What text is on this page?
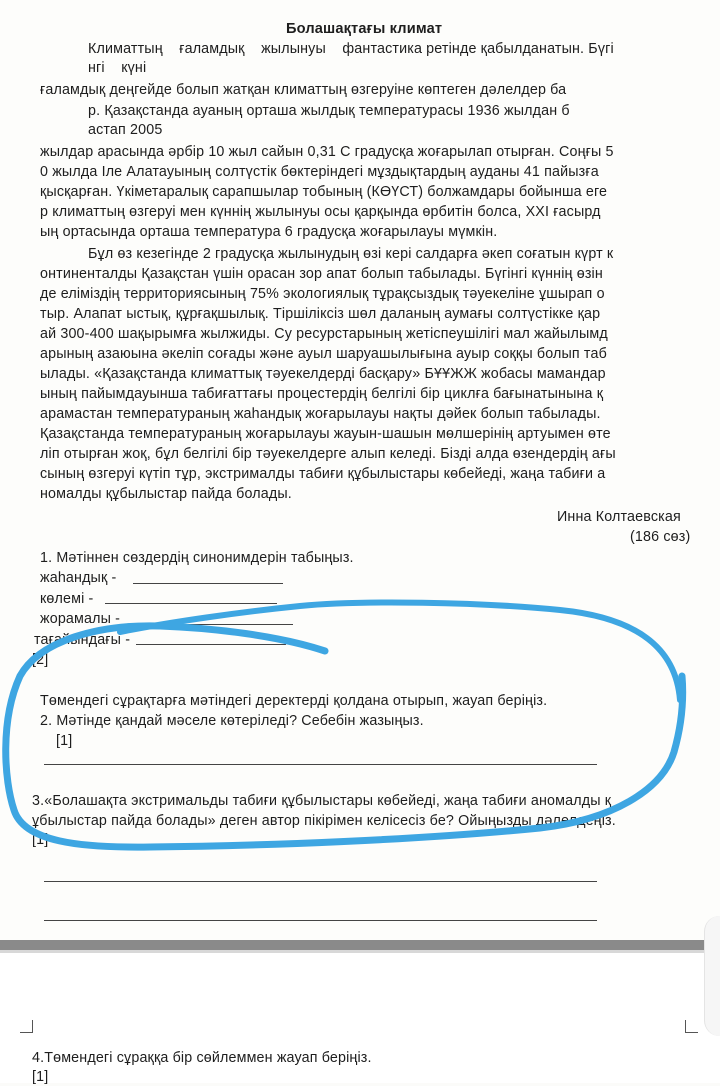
Болашақтағы климат
Климаттың    ғаламдық    жылынуы    фантастика ретінде қабылданатын. Бүгі
нгі    күні
ғаламдық деңгейде болып жатқан климаттың өзгеруіне көптеген дәлелдер ба
р. Қазақстанда ауаның орташа жылдық температурасы 1936 жылдан б
астап 2005
жылдар арасында әрбір 10 жыл сайын 0,31 С градусқа жоғарылап отырған. Соңғы 5
0 жылда Іле Алатауының солтүстік бөктеріндегі мұздықтардың ауданы 41 пайызға
қысқарған. Үкіметаралық сарапшылар тобының (КӨҮСТ) болжамдары бойынша еге
р климаттың өзгеруі мен күннің жылынуы осы қарқында өрбитін болса, XXI ғасырд
ың ортасында орташа температура 6 градусқа жоғарылауы мүмкін.
Бұл өз кезегінде 2 градусқа жылынудың өзі кері салдарға әкеп соғатын күрт к
онтиненталды Қазақстан үшін орасан зор апат болып табылады. Бүгінгі күннің өзін
де еліміздің территориясының 75% экологиялық тұрақсыздық тәуекеліне ұшырап о
тыр. Алапат ыстық, құрғақшылық. Тіршіліксіз шөл даланың аумағы солтүстікке қар
ай 300-400 шақырымға жылжиды. Су ресурстарының жетіспеушілігі мал жайылымд
арының азаюына әкеліп соғады және ауыл шаруашылығына ауыр соққы болып таб
ылады. «Қазақстанда климаттық тәуекелдерді басқару» БҰҰЖЖ жобасы мамандар
ының пайымдауынша табиғаттағы процестердің белгілі бір циклға бағынатынына қ
арамастан температураның жаһандық жоғарылауы нақты дәйек болып табылады.
Қазақстанда температураның жоғарылауы жауын-шашын мөлшерінің артуымен өте
ліп отырған жоқ, бұл белгілі бір тәуекелдерге алып келеді. Бізді алда өзендердің ағы
сының өзгеруі күтіп тұр, экстрималды табиғи құбылыстары көбейеді, жаңа табиғи а
номалды құбылыстар пайда болады.
Инна Колтаевская
(186 сөз)
1. Мәтіннен сөздердің синонимдерін табыңыз.
жаһандық -
көлемі -
жорамалы -
тағайындағы -
[2]
Төмендегі сұрақтарға мәтіндегі деректерді қолдана отырып, жауап беріңіз.
2. Мәтінде қандай мәселе көтеріледі? Себебін жазыңыз.
[1]
3.«Болашақта экстримальды табиғи құбылыстары көбейеді, жаңа табиғи аномалды қ
ұбылыстар пайда болады» деген автор пікірімен келісесіз бе? Ойыңызды дәлелдеңіз.
[1]
4.Төмендегі сұраққа бір сөйлеммен жауап беріңіз.
[1]
